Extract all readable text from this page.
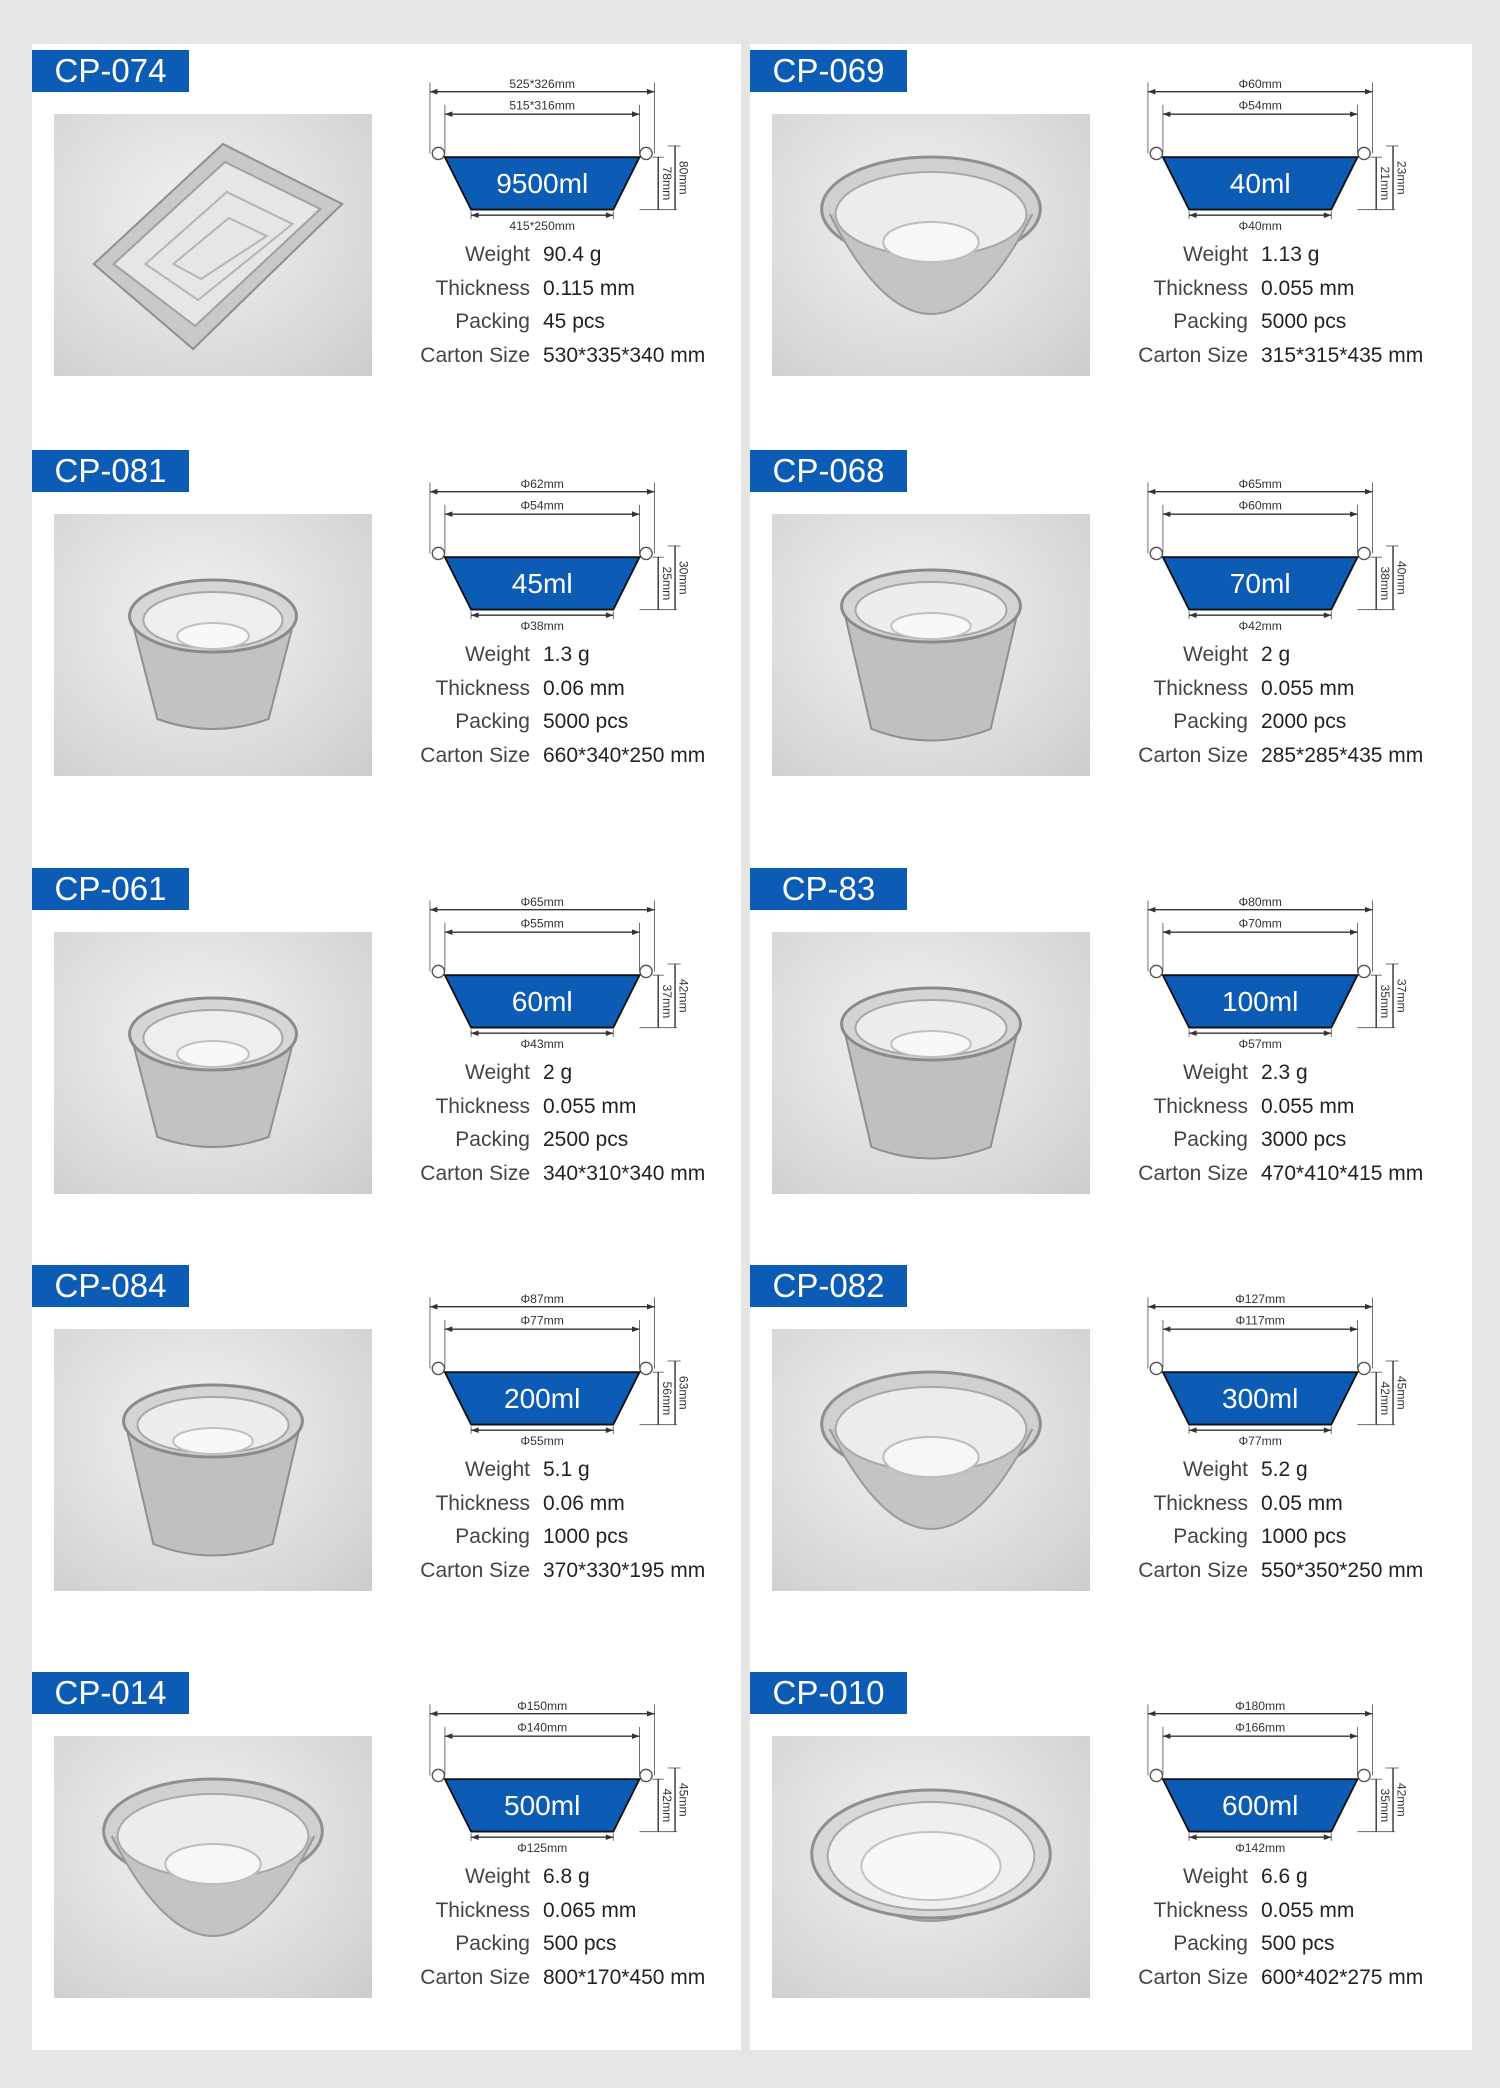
CP-074	525*326mm
515*316mm
9500ml
415*250mm
78mm 80mm
Weight 90.4 g
Thickness 0.115 mm
Packing 45 pcs
Carton Size 530*335*340 mm
CP-069	Φ60mm
Φ54mm
40ml
Φ40mm
21mm 23mm
Weight 1.13 g
Thickness 0.055 mm
Packing 5000 pcs
Carton Size 315*315*435 mm
CP-081	Φ62mm
Φ54mm
45ml
Φ38mm
25mm 30mm
Weight 1.3 g
Thickness 0.06 mm
Packing 5000 pcs
Carton Size 660*340*250 mm
CP-068	Φ65mm
Φ60mm
70ml
Φ42mm
38mm 40mm
Weight 2 g
Thickness 0.055 mm
Packing 2000 pcs
Carton Size 285*285*435 mm
CP-061	Φ65mm
Φ55mm
60ml
Φ43mm
37mm 42mm
Weight 2 g
Thickness 0.055 mm
Packing 2500 pcs
Carton Size 340*310*340 mm
CP-83	Φ80mm
Φ70mm
100ml
Φ57mm
35mm 37mm
Weight 2.3 g
Thickness 0.055 mm
Packing 3000 pcs
Carton Size 470*410*415 mm
CP-084	Φ87mm
Φ77mm
200ml
Φ55mm
56mm 63mm
Weight 5.1 g
Thickness 0.06 mm
Packing 1000 pcs
Carton Size 370*330*195 mm
CP-082	Φ127mm
Φ117mm
300ml
Φ77mm
42mm 45mm
Weight 5.2 g
Thickness 0.05 mm
Packing 1000 pcs
Carton Size 550*350*250 mm
CP-014	Φ150mm
Φ140mm
500ml
Φ125mm
42mm 45mm
Weight 6.8 g
Thickness 0.065 mm
Packing 500 pcs
Carton Size 800*170*450 mm
CP-010	Φ180mm
Φ166mm
600ml
Φ142mm
35mm 42mm
Weight 6.6 g
Thickness 0.055 mm
Packing 500 pcs
Carton Size 600*402*275 mm
